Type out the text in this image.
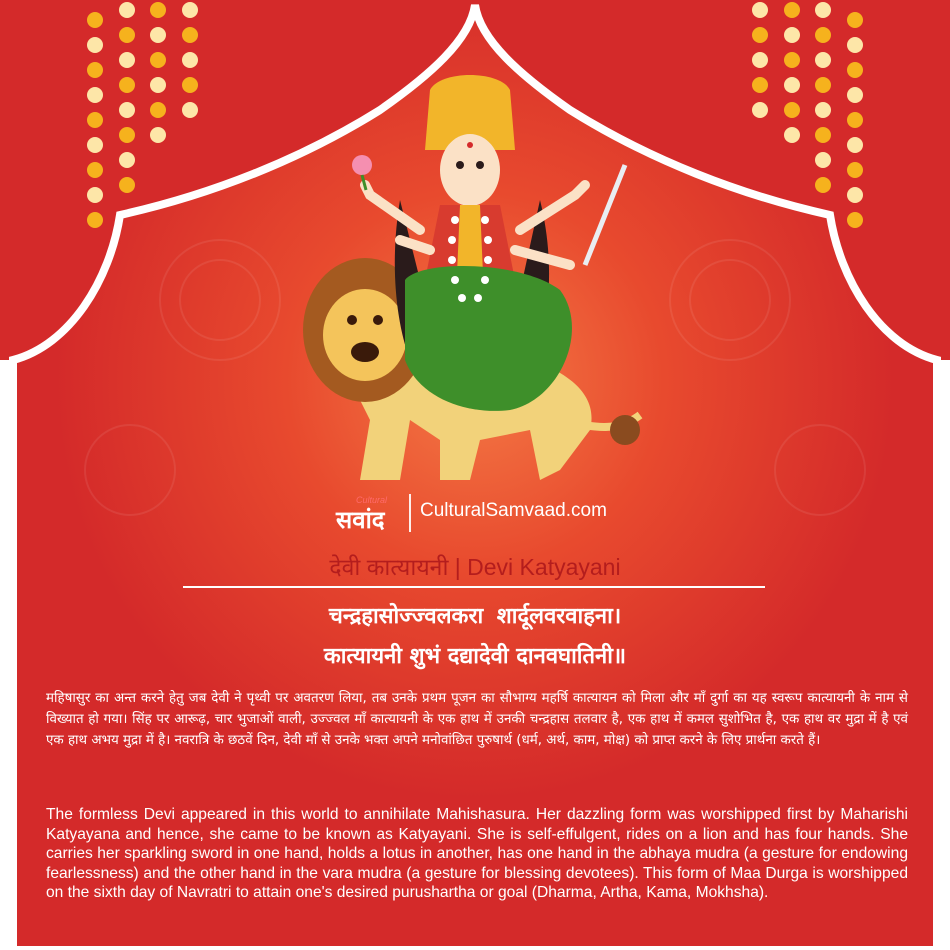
Cultural
सवांद CulturalSamvaad.com
देवी कात्यायनी | Devi Katyayani
चन्द्रहासोज्ज्वलकरा शार्दूलवरवाहना।
कात्यायनी शुभं दद्यादेवी दानवघातिनी॥
महिषासुर का अन्त करने हेतु जब देवी ने पृथ्वी पर अवतरण लिया, तब उनके प्रथम पूजन का सौभाग्य महर्षि कात्यायन को मिला और माँ दुर्गा का यह स्वरूप कात्यायनी के नाम से विख्यात हो गया। सिंह पर आरूढ़, चार भुजाओं वाली, उज्ज्वल माँ कात्यायनी के एक हाथ में उनकी चन्द्रहास तलवार है, एक हाथ में कमल सुशोभित है, एक हाथ वर मुद्रा में है एवं एक हाथ अभय मुद्रा में है। नवरात्रि के छठवें दिन, देवी माँ से उनके भक्त अपने मनोवांछित पुरुषार्थ (धर्म, अर्थ, काम, मोक्ष) को प्राप्त करने के लिए प्रार्थना करते हैं।
The formless Devi appeared in this world to annihilate Mahishasura. Her dazzling form was worshipped first by Maharishi Katyayana and hence, she came to be known as Katyayani. She is self-effulgent, rides on a lion and has four hands. She carries her sparkling sword in one hand, holds a lotus in another, has one hand in the abhaya mudra (a gesture for endowing fearlessness) and the other hand in the vara mudra (a gesture for blessing devotees). This form of Maa Durga is worshipped on the sixth day of Navratri to attain one's desired purushartha or goal (Dharma, Artha, Kama, Mokhsha).
